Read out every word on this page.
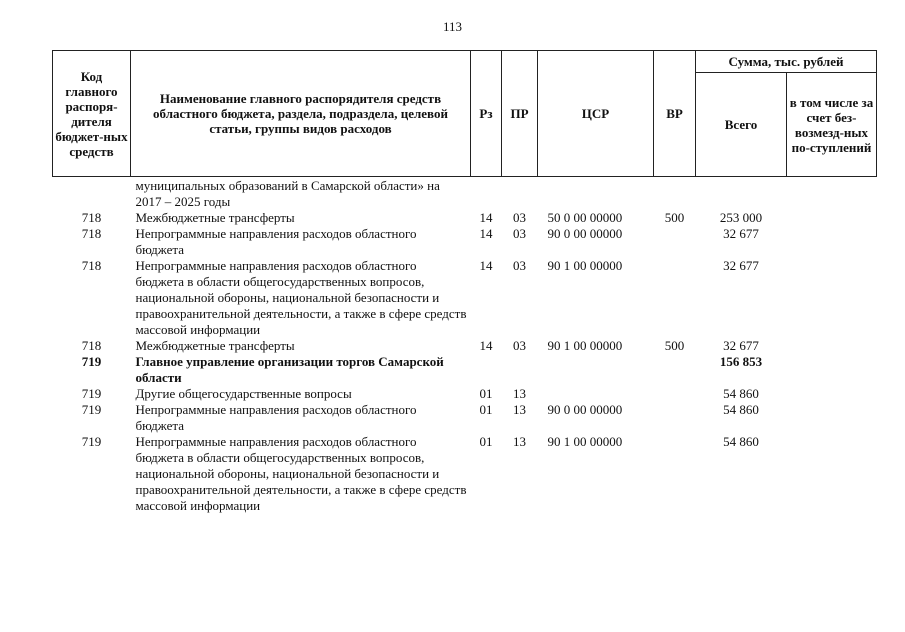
113
Код главного распоря-дителя бюджет-ных средств	Наименование главного распорядителя средств областного бюджета, раздела, подраздела, целевой статьи, группы видов расходов	Рз	ПР	ЦСР	ВР	Сумма, тыс. рублей	
						Всего	в том числе за счет без-возмезд-ных по-ступлений
	муниципальных образований в Самарской области» на 2017 – 2025 годы						
718	Межбюджетные трансферты	14	03	50 0 00 00000	500	253 000	
718	Непрограммные направления расходов областного бюджета	14	03	90 0 00 00000		32 677	
718	Непрограммные направления расходов областного бюджета в области общегосударственных вопросов, национальной обороны, национальной безопасности и правоохранительной деятельности, а также в сфере средств массовой информации	14	03	90 1 00 00000		32 677	
718	Межбюджетные трансферты	14	03	90 1 00 00000	500	32 677	
719	Главное управление организации торгов Самарской области					156 853	
719	Другие общегосударственные вопросы	01	13			54 860	
719	Непрограммные направления расходов областного бюджета	01	13	90 0 00 00000		54 860	
719	Непрограммные направления расходов областного бюджета в области общегосударственных вопросов, национальной обороны, национальной безопасности и правоохранительной деятельности, а также в сфере средств массовой информации	01	13	90 1 00 00000		54 860	
